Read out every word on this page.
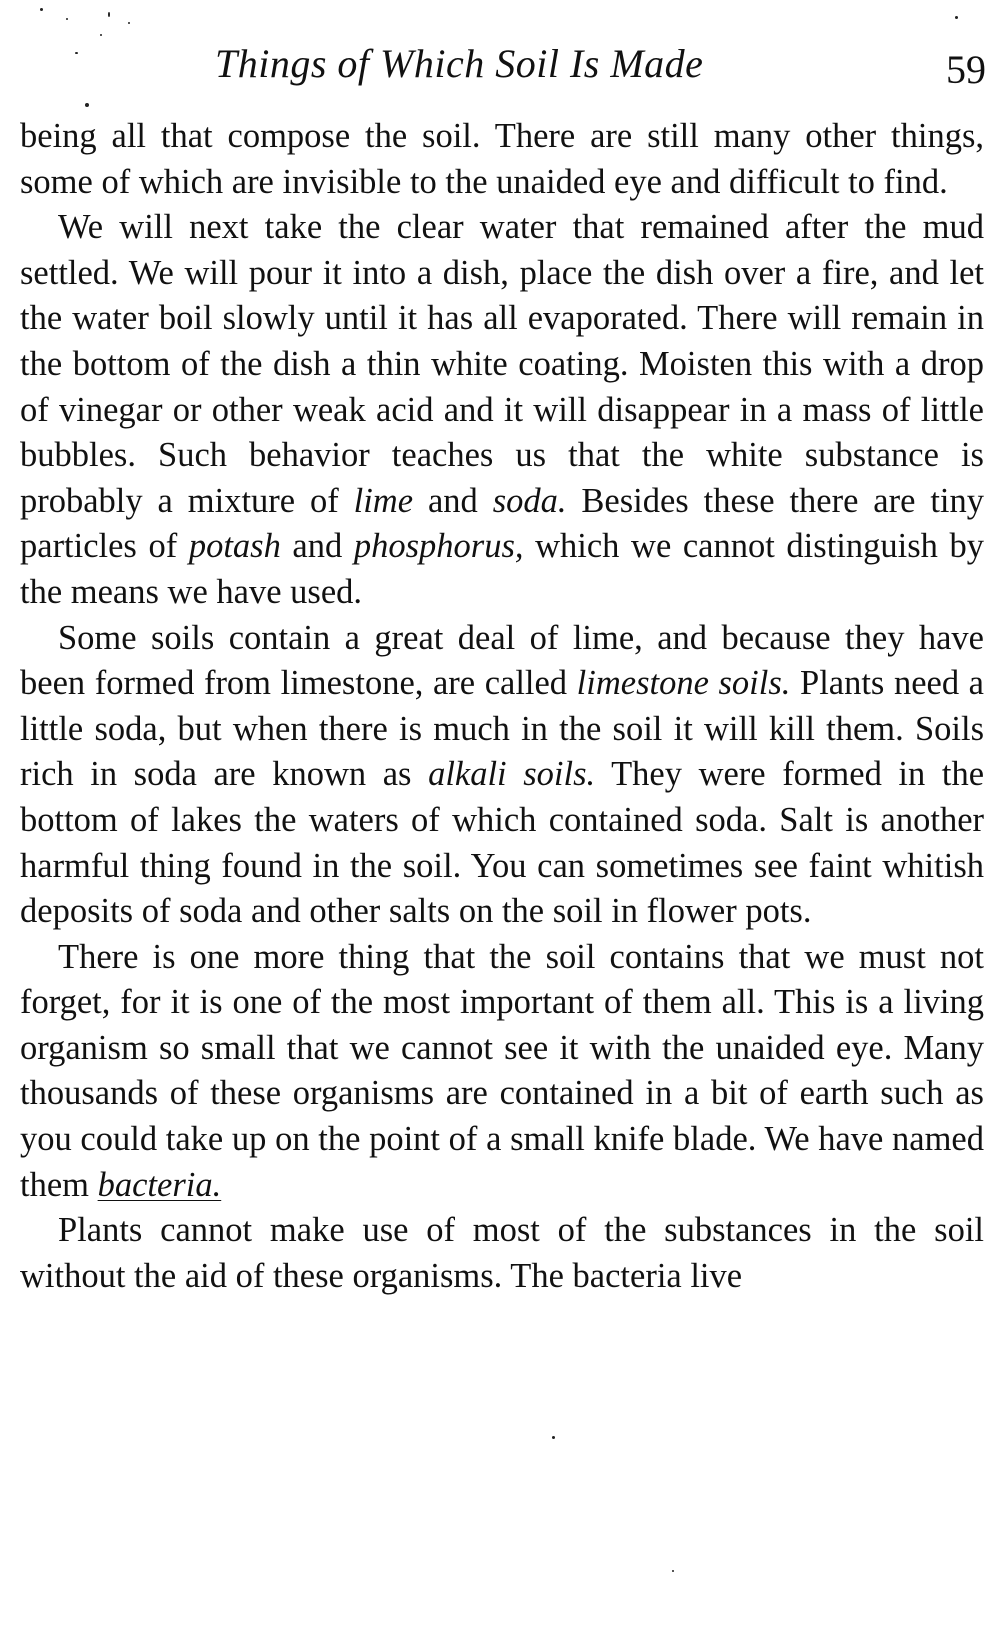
Things of Which Soil Is Made	59

being all that compose the soil. There are still many other things, some of which are invisible to the unaided eye and difficult to find.

We will next take the clear water that remained after the mud settled. We will pour it into a dish, place the dish over a fire, and let the water boil slowly until it has all evaporated. There will remain in the bottom of the dish a thin white coating. Moisten this with a drop of vinegar or other weak acid and it will disappear in a mass of little bubbles. Such behavior teaches us that the white substance is probably a mixture of lime and soda. Besides these there are tiny particles of potash and phosphorus, which we cannot distinguish by the means we have used.

Some soils contain a great deal of lime, and because they have been formed from limestone, are called limestone soils. Plants need a little soda, but when there is much in the soil it will kill them. Soils rich in soda are known as alkali soils. They were formed in the bottom of lakes the waters of which contained soda. Salt is another harmful thing found in the soil. You can sometimes see faint whitish deposits of soda and other salts on the soil in flower pots.

There is one more thing that the soil contains that we must not forget, for it is one of the most important of them all. This is a living organism so small that we cannot see it with the unaided eye. Many thousands of these organisms are contained in a bit of earth such as you could take up on the point of a small knife blade. We have named them bacteria.

Plants cannot make use of most of the substances in the soil without the aid of these organisms. The bacteria live
